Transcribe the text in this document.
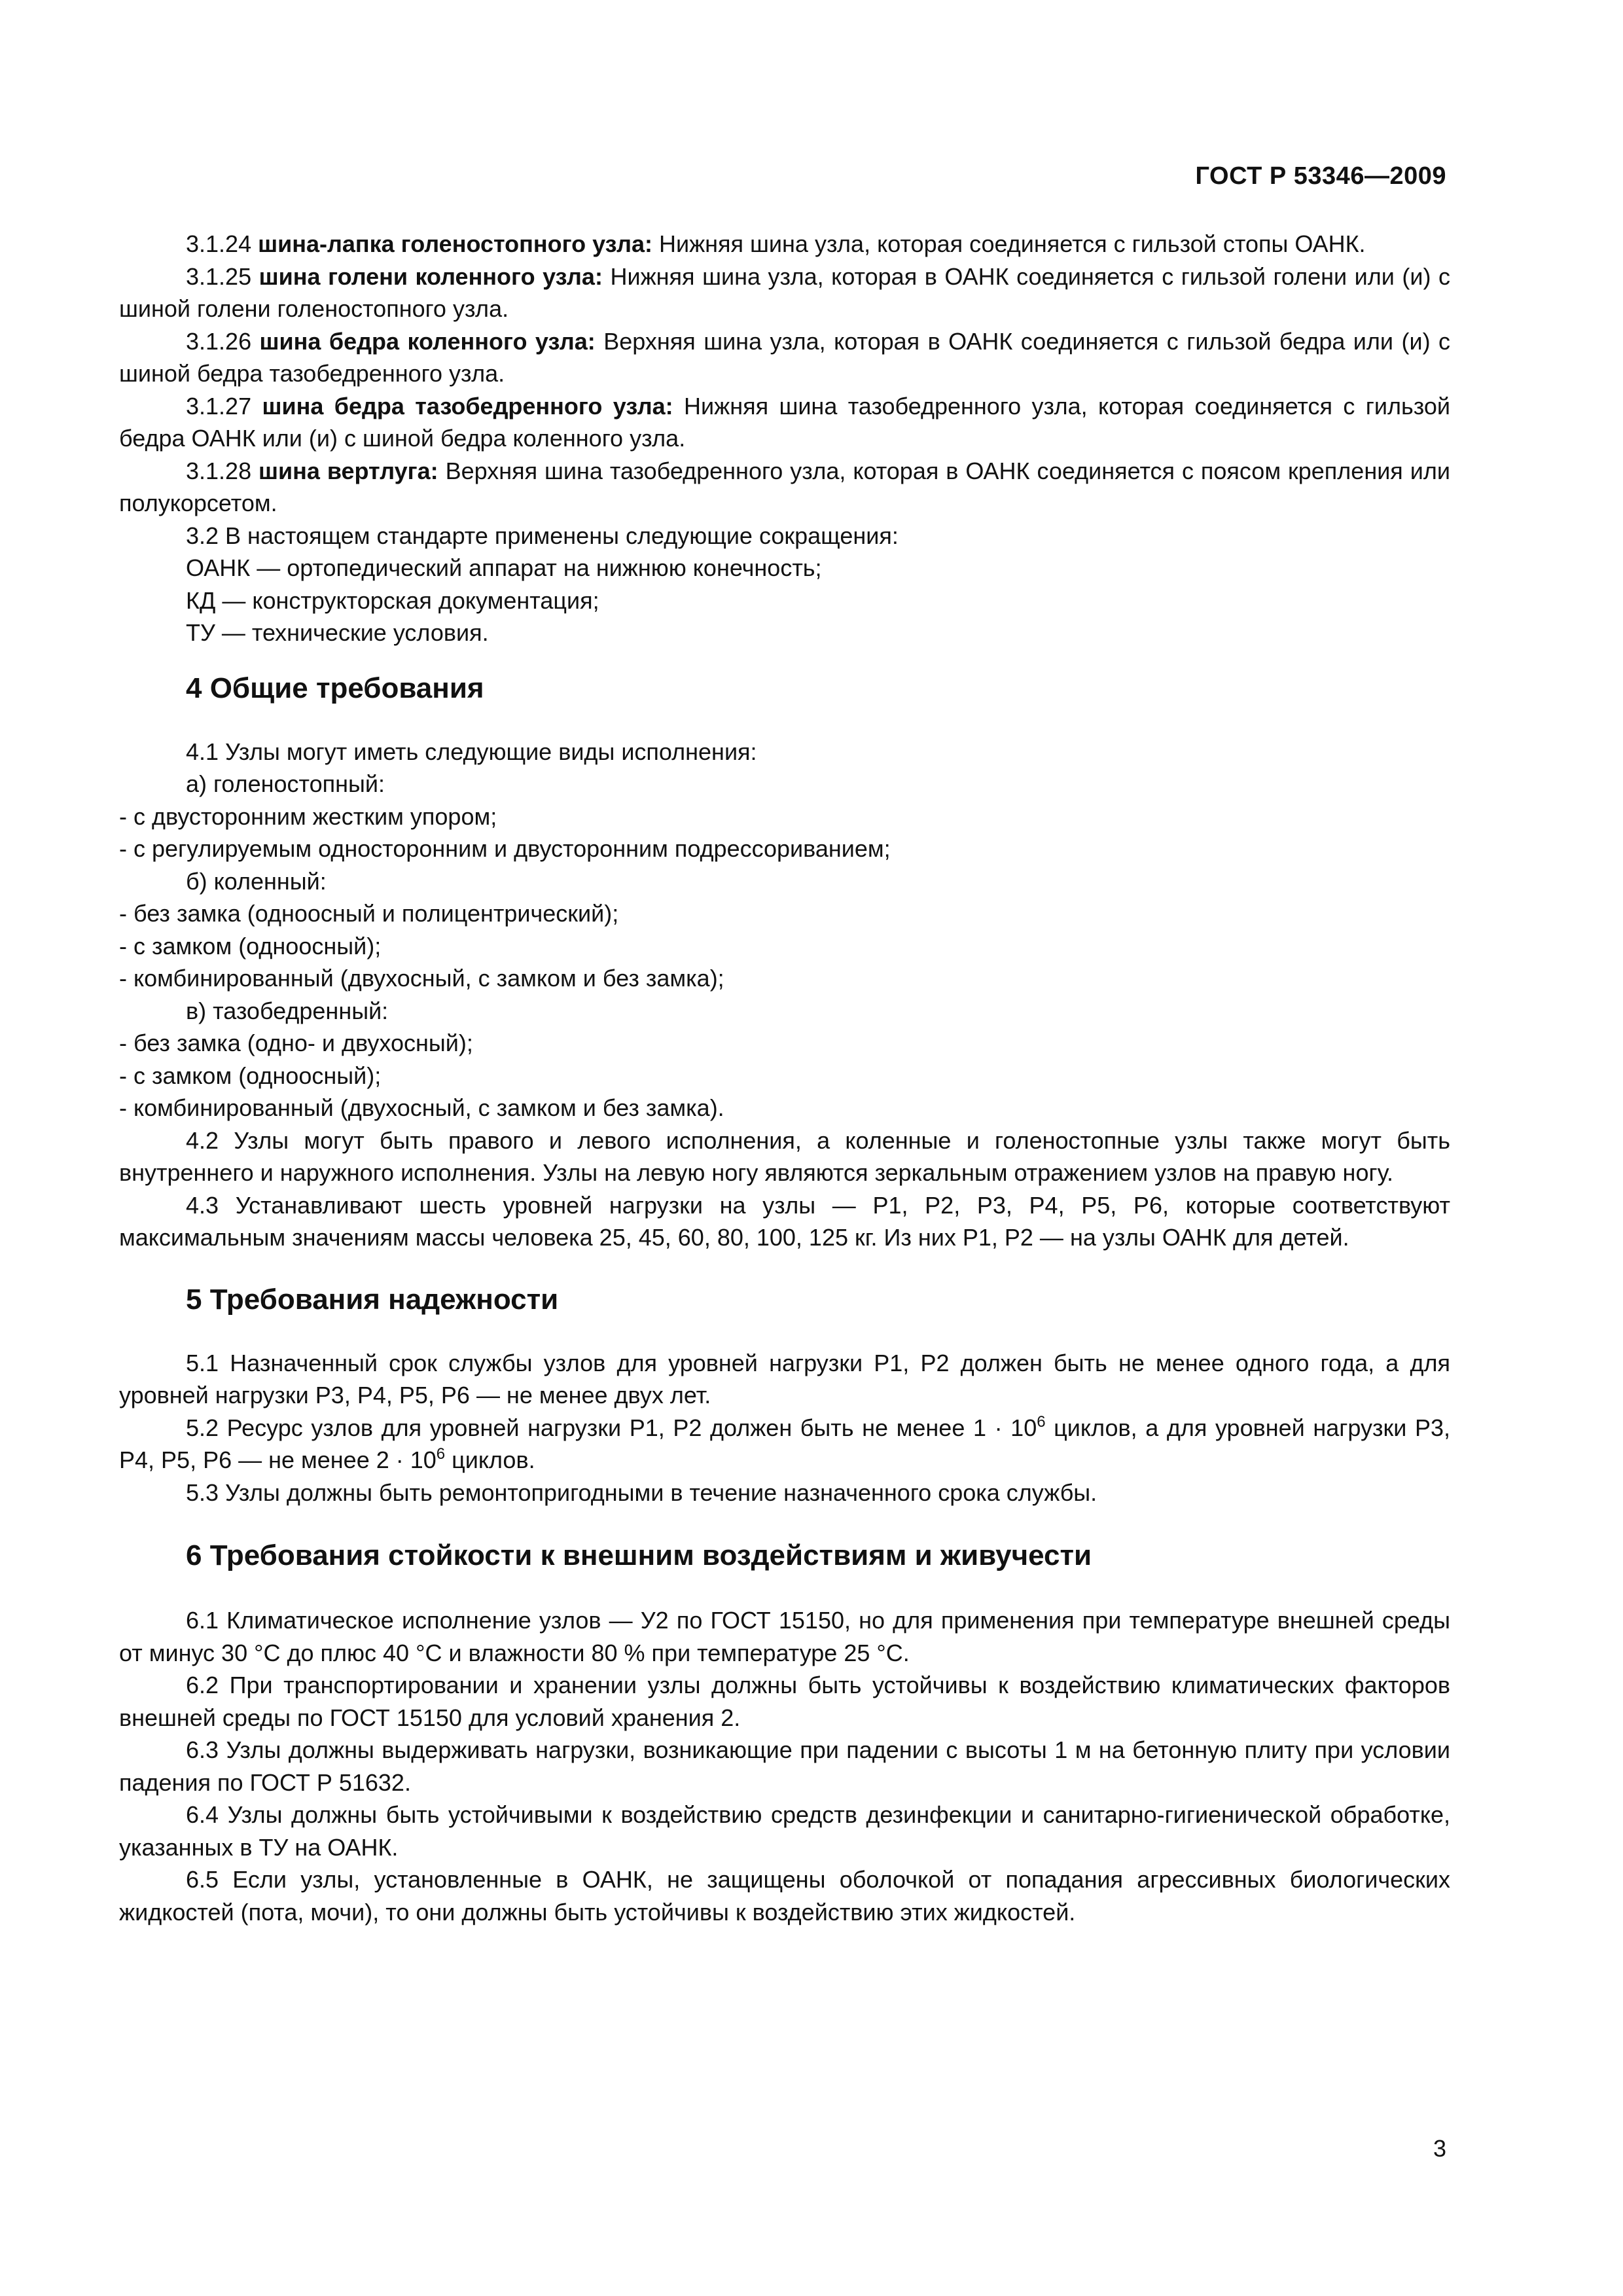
ГОСТ Р 53346—2009

3.1.24 шина-лапка голеностопного узла: Нижняя шина узла, которая соединяется с гильзой стопы ОАНК.

3.1.25 шина голени коленного узла: Нижняя шина узла, которая в ОАНК соединяется с гильзой голени или (и) с шиной голени голеностопного узла.

3.1.26 шина бедра коленного узла: Верхняя шина узла, которая в ОАНК соединяется с гильзой бедра или (и) с шиной бедра тазобедренного узла.

3.1.27 шина бедра тазобедренного узла: Нижняя шина тазобедренного узла, которая соединяется с гильзой бедра ОАНК или (и) с шиной бедра коленного узла.

3.1.28 шина вертлуга: Верхняя шина тазобедренного узла, которая в ОАНК соединяется с поясом крепления или полукорсетом.

3.2 В настоящем стандарте применены следующие сокращения:

ОАНК — ортопедический аппарат на нижнюю конечность;

КД — конструкторская документация;

ТУ — технические условия.

4 Общие требования

4.1 Узлы могут иметь следующие виды исполнения:

а) голеностопный:

- с двусторонним жестким упором;

- с регулируемым односторонним и двусторонним подрессориванием;

б) коленный:

- без замка (одноосный и полицентрический);

- с замком (одноосный);

- комбинированный (двухосный, с замком и без замка);

в) тазобедренный:

- без замка (одно- и двухосный);

- с замком (одноосный);

- комбинированный (двухосный, с замком и без замка).

4.2 Узлы могут быть правого и левого исполнения, а коленные и голеностопные узлы также могут быть внутреннего и наружного исполнения. Узлы на левую ногу являются зеркальным отражением узлов на правую ногу.

4.3 Устанавливают шесть уровней нагрузки на узлы — Р1, Р2, Р3, Р4, Р5, Р6, которые соответствуют максимальным значениям массы человека 25, 45, 60, 80, 100, 125 кг. Из них Р1, Р2 — на узлы ОАНК для детей.

5 Требования надежности

5.1 Назначенный срок службы узлов для уровней нагрузки Р1, Р2 должен быть не менее одного года, а для уровней нагрузки Р3, Р4, Р5, Р6 — не менее двух лет.

5.2 Ресурс узлов для уровней нагрузки Р1, Р2 должен быть не менее $1 \cdot 10^6$ циклов, а для уровней нагрузки Р3, Р4, Р5, Р6 — не менее $2 \cdot 10^6$ циклов.

5.3 Узлы должны быть ремонтопригодными в течение назначенного срока службы.

6 Требования стойкости к внешним воздействиям и живучести

6.1 Климатическое исполнение узлов — У2 по ГОСТ 15150, но для применения при температуре внешней среды от минус 30 °С до плюс 40 °С и влажности 80 % при температуре 25 °С.

6.2 При транспортировании и хранении узлы должны быть устойчивы к воздействию климатических факторов внешней среды по ГОСТ 15150 для условий хранения 2.

6.3 Узлы должны выдерживать нагрузки, возникающие при падении с высоты 1 м на бетонную плиту при условии падения по ГОСТ Р 51632.

6.4 Узлы должны быть устойчивыми к воздействию средств дезинфекции и санитарно-гигиенической обработке, указанных в ТУ на ОАНК.

6.5 Если узлы, установленные в ОАНК, не защищены оболочкой от попадания агрессивных биологических жидкостей (пота, мочи), то они должны быть устойчивы к воздействию этих жидкостей.

3
